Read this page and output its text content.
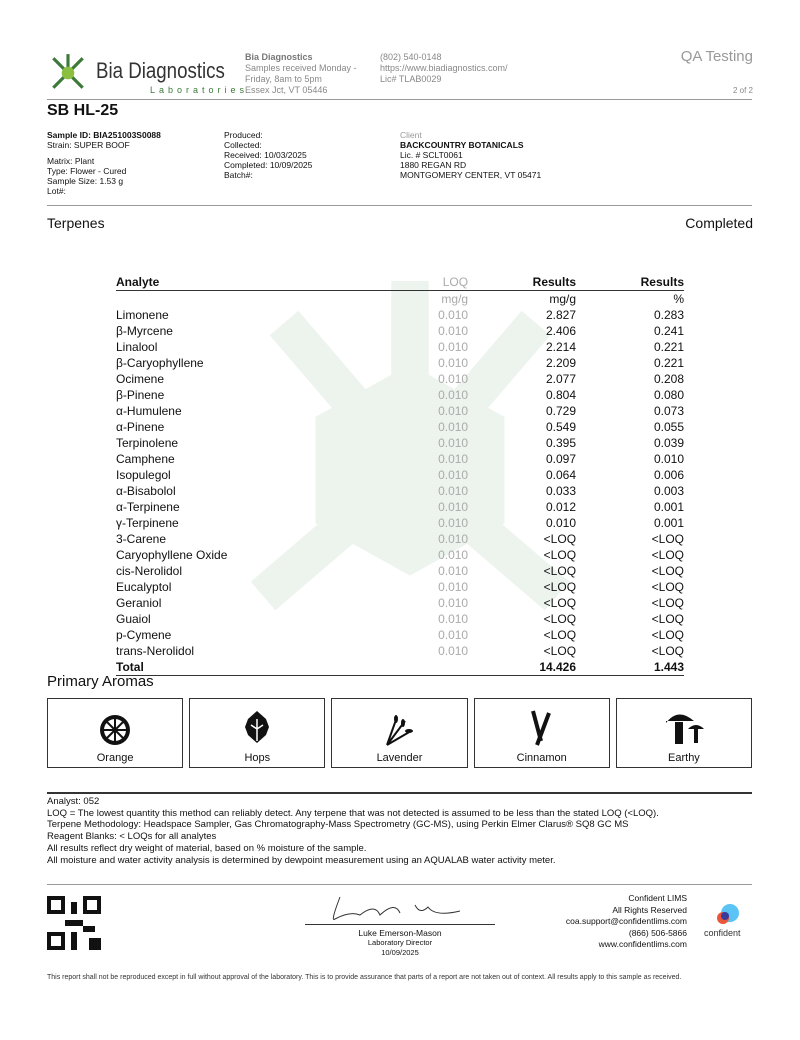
Bia Diagnostics
Laboratories
Bia Diagnostics
Samples received Monday -
Friday, 8am to 5pm
Essex Jct, VT 05446
(802) 540-0148
https://www.biadiagnostics.com/
Lic# TLAB0029
QA Testing
2 of 2
SB HL-25
Sample ID: BIA251003S0088
Strain: SUPER BOOF
Matrix: Plant
Type: Flower - Cured
Sample Size: 1.53 g
Lot#:
Produced:
Collected:
Received: 10/03/2025
Completed: 10/09/2025
Batch#:
Client
BACKCOUNTRY BOTANICALS
Lic. # SCLT0061
1880 REGAN RD
MONTGOMERY CENTER, VT 05471
Terpenes	Completed
Analyte	LOQ	Results	Results
	mg/g	mg/g	%
Limonene	0.010	2.827	0.283
β-Myrcene	0.010	2.406	0.241
Linalool	0.010	2.214	0.221
β-Caryophyllene	0.010	2.209	0.221
Ocimene	0.010	2.077	0.208
β-Pinene	0.010	0.804	0.080
α-Humulene	0.010	0.729	0.073
α-Pinene	0.010	0.549	0.055
Terpinolene	0.010	0.395	0.039
Camphene	0.010	0.097	0.010
Isopulegol	0.010	0.064	0.006
α-Bisabolol	0.010	0.033	0.003
α-Terpinene	0.010	0.012	0.001
γ-Terpinene	0.010	0.010	0.001
3-Carene	0.010	<LOQ	<LOQ
Caryophyllene Oxide	0.010	<LOQ	<LOQ
cis-Nerolidol	0.010	<LOQ	<LOQ
Eucalyptol	0.010	<LOQ	<LOQ
Geraniol	0.010	<LOQ	<LOQ
Guaiol	0.010	<LOQ	<LOQ
p-Cymene	0.010	<LOQ	<LOQ
trans-Nerolidol	0.010	<LOQ	<LOQ
Total		14.426	1.443
Primary Aromas
Orange	Hops	Lavender	Cinnamon	Earthy
Analyst: 052
LOQ = The lowest quantity this method can reliably detect. Any terpene that was not detected is assumed to be less than the stated LOQ (<LOQ).
Terpene Methodology: Headspace Sampler, Gas Chromatography-Mass Spectrometry (GC-MS), using Perkin Elmer Clarus® SQ8 GC MS
Reagent Blanks: < LOQs for all analytes
All results reflect dry weight of material, based on % moisture of the sample.
All moisture and water activity analysis is determined by dewpoint measurement using an AQUALAB water activity meter.
Luke Emerson-Mason
Laboratory Director
10/09/2025
Confident LIMS
All Rights Reserved
coa.support@confidentlims.com
(866) 506-5866
www.confidentlims.com
confident
This report shall not be reproduced except in full without approval of the laboratory. This is to provide assurance that parts of a report are not taken out of context. All results apply to this sample as received.
